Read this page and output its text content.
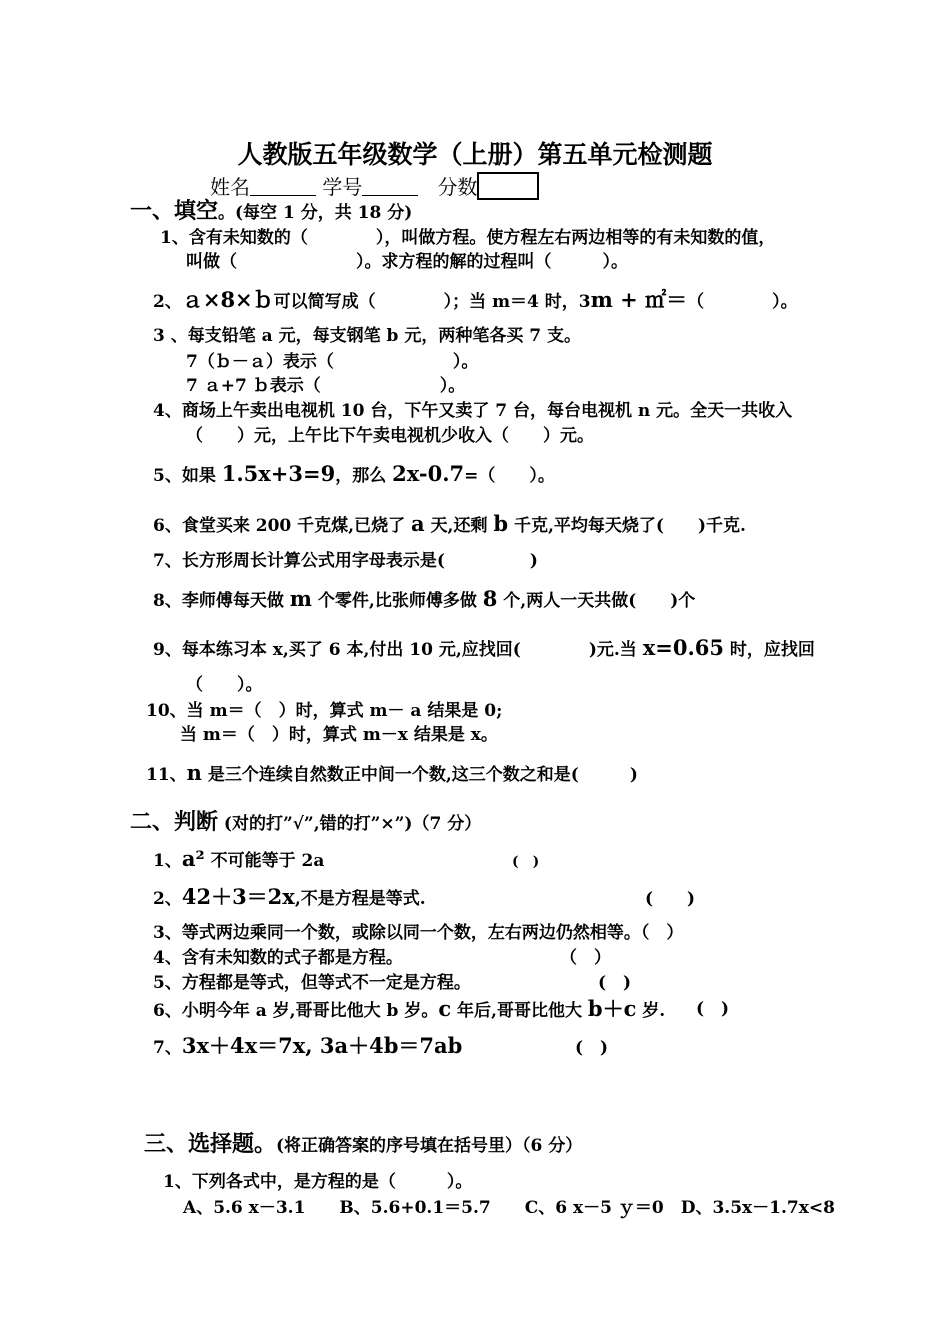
人教版五年级数学（上册）第五单元检测题
姓名	学号	分数
一、填空。(每空 1 分，共 18 分)
1、含有未知数的（　　　　），叫做方程。使方程左右两边相等的有未知数的值，
叫做（　　　　　　　）。求方程的解的过程叫（　　　）。
2、ａ×8×ｂ可以简写成（　　　　）；当 m＝4 时，3m + ㎡＝（　　　　）。
3 、每支铅笔 a 元，每支钢笔 b 元，两种笔各买 7 支。
7（ｂ－ａ）表示（　　　　　　　）。
7 ａ+7 ｂ表示（　　　　　　　）。
4、商场上午卖出电视机 10 台，下午又卖了 7 台，每台电视机 n 元。全天一共收入
（　　）元，上午比下午卖电视机少收入（　　）元。
5、如果 1.5x+3=9，那么 2x-0.7=（　　）。
6、食堂买来 200 千克煤,已烧了 a 天,还剩 b 千克,平均每天烧了(　　)千克.
7、长方形周长计算公式用字母表示是(　　　　　)
8、李师傅每天做 m 个零件,比张师傅多做 8 个,两人一天共做(　　)个
9、每本练习本 x,买了 6 本,付出 10 元,应找回(　　　　)元.当 x=0.65 时，应找回
（　　）。
10、当 m＝（　）时，算式 m－ a 结果是 0;
当 m＝（　）时，算式 m－x 结果是 x。
11、n 是三个连续自然数正中间一个数,这三个数之和是(　　　)
二、判断 (对的打”√”,错的打”×”)（7 分）
1、a² 不可能等于 2a	(　)
2、42＋3＝2x,不是方程是等式.	(　　)
3、等式两边乘同一个数，或除以同一个数，左右两边仍然相等。（　）
4、含有未知数的式子都是方程。	（　）
5、方程都是等式，但等式不一定是方程。	(　)
6、小明今年 a 岁,哥哥比他大 b 岁。c 年后,哥哥比他大 b＋c 岁. (　)
7、3x＋4x＝7x, 3a＋4b＝7ab	(　)
三、选择题。(将正确答案的序号填在括号里）（6 分）
1、下列各式中，是方程的是（　　　）。
A、5.6 x－3.1　　B、5.6+0.1＝5.7　　C、6 x－5 ｙ＝0　D、3.5x－1.7x<8
